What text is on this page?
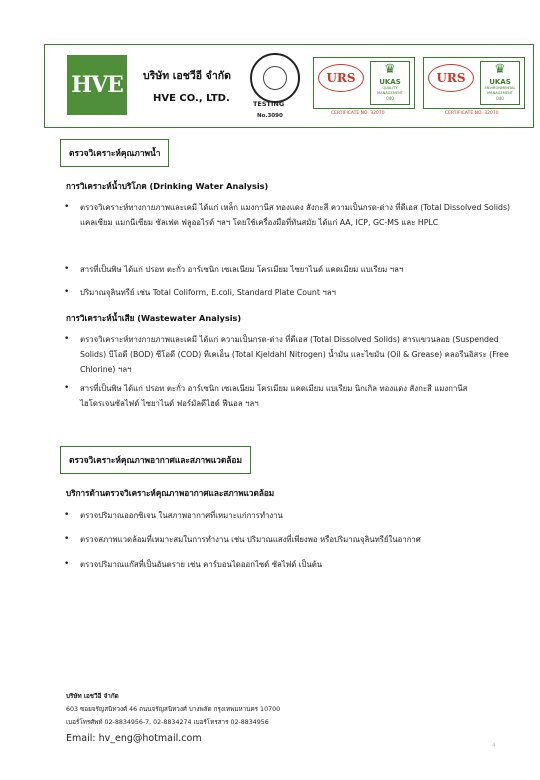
HVE บริษัท เอชวีอี จำกัด
HVE CO., LTD.	TESTING
No.3090
URS
♛
UKAS
QUALITY MANAGEMENT
040
CERTIFICATE NO. 32070
URS
♛
UKAS
ENVIRONMENTAL MANAGEMENT
040
CERTIFICATE NO. 32070
ตรวจวิเคราะห์คุณภาพน้ำ
การวิเคราะห์น้ำบริโภค (Drinking Water Analysis)
• ตรวจวิเคราะห์ทางกายภาพและเคมี ได้แก่ เหล็ก แมงกานีส ทองแดง สังกะสี ความเป็นกรด-ด่าง ที่ดีเอส (Total Dissolved Solids) แคลเซียม แมกนีเซียม ซัลเฟต ฟลูออไรด์ ฯลฯ โดยใช้เครื่องมือที่ทันสมัย ได้แก่ AA, ICP, GC-MS และ HPLC
• สารที่เป็นพิษ ได้แก่ ปรอท ตะกั่ว อาร์เซนิก เซเลเนียม โครเมียม ไซยาไนด์ แคดเมียม แบเรียม ฯลฯ
• ปริมาณจุลินทรีย์ เช่น Total Coliform, E.coli, Standard Plate Count ฯลฯ
การวิเคราะห์น้ำเสีย (Wastewater Analysis)
• ตรวจวิเคราะห์ทางกายภาพและเคมี ได้แก่ ความเป็นกรด-ด่าง ที่ดีเอส (Total Dissolved Solids) สารแขวนลอย (Suspended Solids) บีโอดี (BOD) ซีโอดี (COD) ทีเคเอ็น (Total Kjeldahl Nitrogen) น้ำมัน และไขมัน (Oil & Grease) คลอรีนอิสระ (Free Chlorine) ฯลฯ
• สารที่เป็นพิษ ได้แก่ ปรอท ตะกั่ว อาร์เซนิก เซเลเนียม โครเมียม แคดเมียม แบเรียม นิกเกิล ทองแดง สังกะสี แมงกานีส ไฮโดรเจนซัลไฟด์ ไซยาไนด์ ฟอร์มัลดีไฮด์ ฟีนอล ฯลฯ
ตรวจวิเคราะห์คุณภาพอากาศและสภาพแวดล้อม
บริการด้านตรวจวิเคราะห์คุณภาพอากาศและสภาพแวดล้อม
• ตรวจปริมาณออกซิเจน ในสภาพอากาศที่เหมาะแก่การทำงาน
• ตรวจสภาพแวดล้อมที่เหมาะสมในการทำงาน เช่น ปริมาณแสงที่เพียงพอ หรือปริมาณจุลินทรีย์ในอากาศ
• ตรวจปริมาณแก๊สที่เป็นอันตราย เช่น คาร์บอนไดออกไซด์ ซัลไฟด์ เป็นต้น
บริษัท เอชวีอี จำกัด
603 ซอยจรัญสนิทวงศ์ 46 ถนนจรัญสนิทวงศ์ บางพลัด กรุงเทพมหานคร 10700
เบอร์โทรศัพท์ 02-8834956-7, 02-8834274 เบอร์โทรสาร 02-8834956
Email: hv_eng@hotmail.com
4
